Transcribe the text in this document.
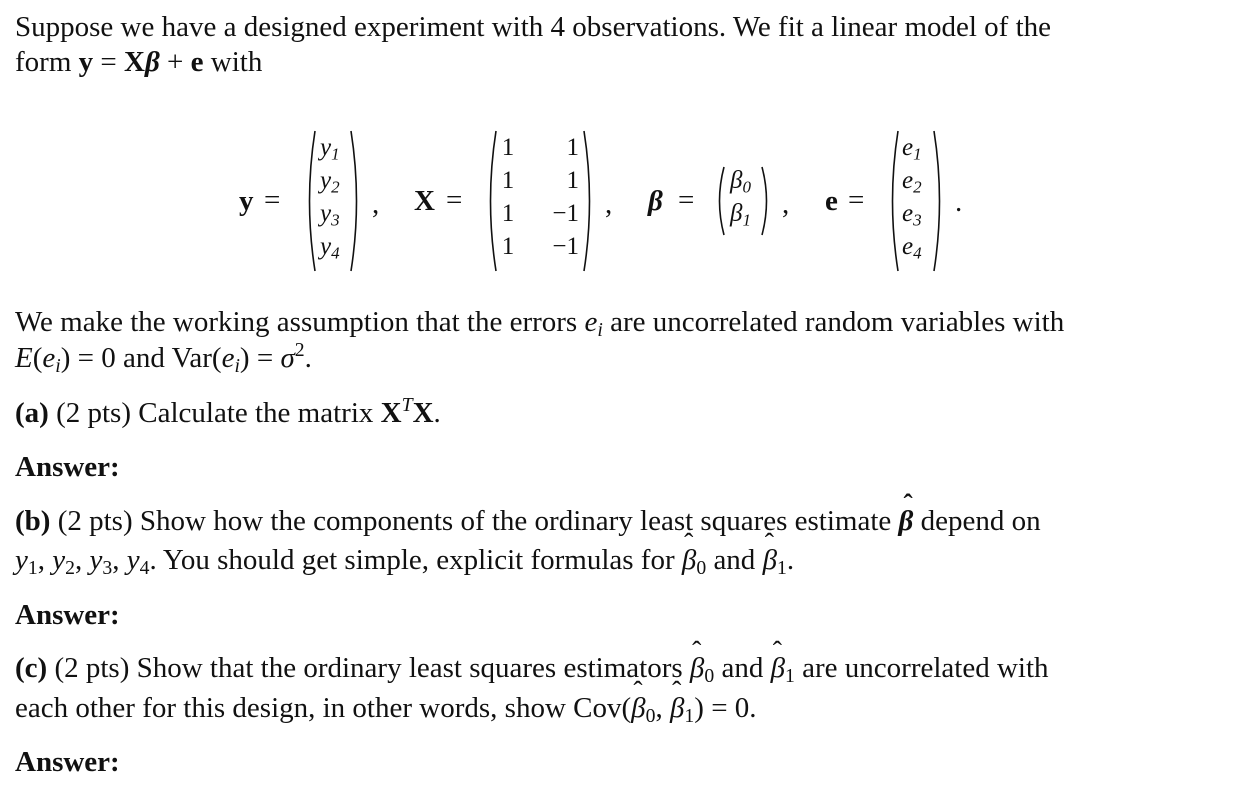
Suppose we have a designed experiment with 4 observations. We fit a linear model of the
form y = Xβ + e with
y =
$y_1$
$y_2$
$y_3$
$y_4$
, X =
1	1
1	1
1	−1
1	−1
, β =
$\beta_0$
$\beta_1$ , e =
$e_1$
$e_2$
$e_3$
$e_4$
.
We make the working assumption that the errors $e_i$ are uncorrelated random variables with
$E(e_i) = 0$ and $Var(e_i) = \sigma^2$.
(a) (2 pts) Calculate the matrix $X^TX$.
Answer:
(b) (2 pts) Show how the components of the ordinary least squares estimate ˆ β depend on
$y_1$, $y_2$, $y_3$, $y_4$. You should get simple, explicit formulas for ˆ $\beta_0$ and ˆ $\beta_1$.
Answer:
(c) (2 pts) Show that the ordinary least squares estimators ˆ $\beta_0$ and ˆ $\beta_1$ are uncorrelated with
each other for this design, in other words, show Cov(ˆ $\beta_0$, ˆ $\beta_1) = 0$.
Answer:
